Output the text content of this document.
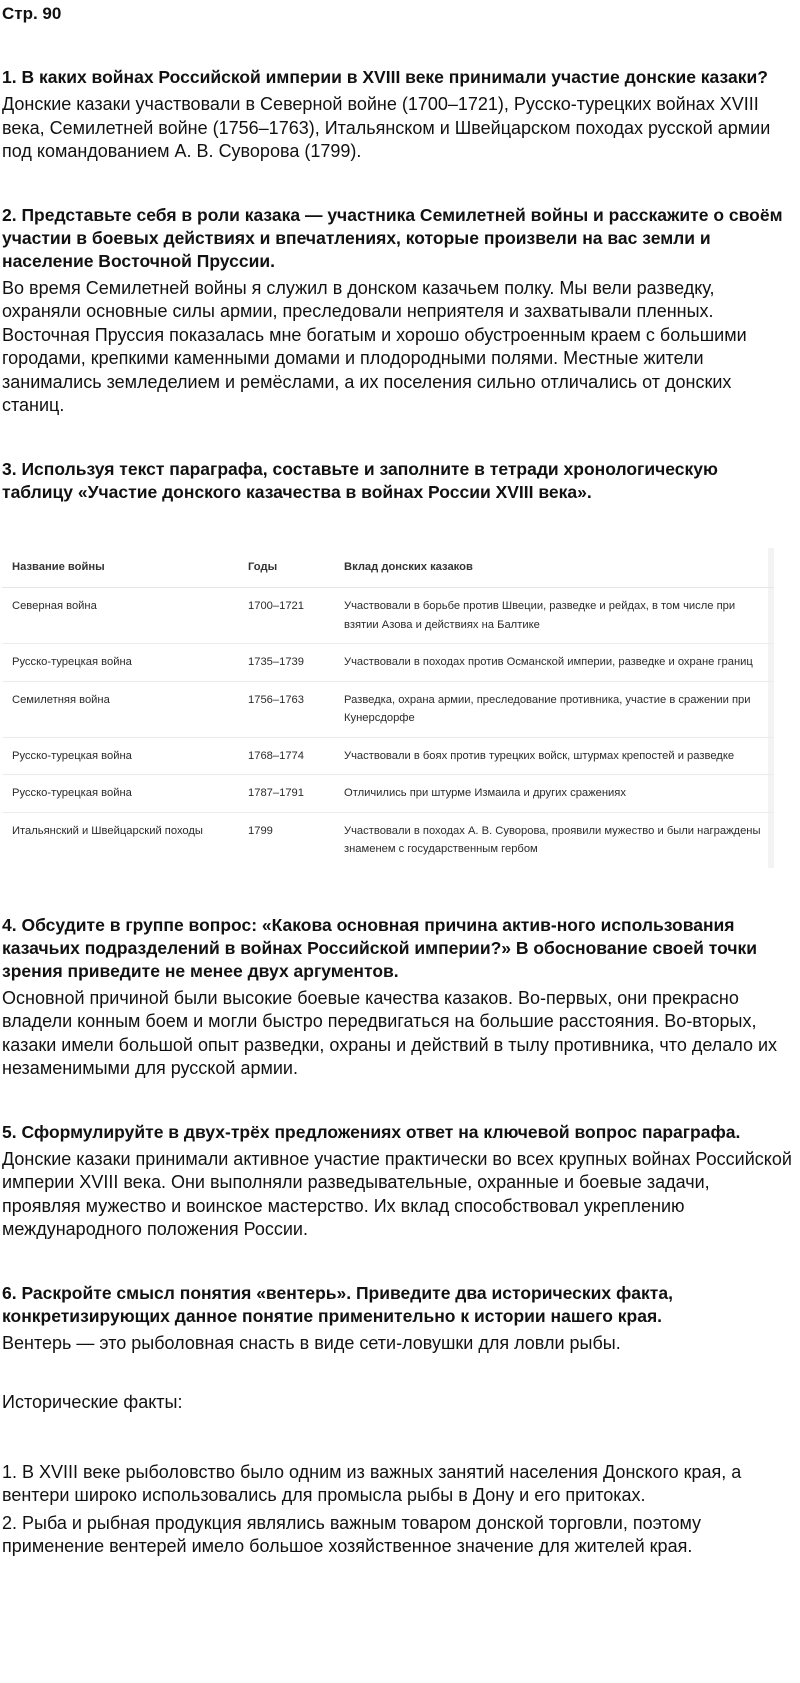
Стр. 90

1. В каких войнах Российской империи в XVIII веке принимали участие донские казаки?

Донские казаки участвовали в Северной войне (1700–1721), Русско-турецких войнах XVIII века, Семилетней войне (1756–1763), Итальянском и Швейцарском походах русской армии под командованием А. В. Суворова (1799).

2. Представьте себя в роли казака — участника Семилетней войны и расскажите о своём участии в боевых действиях и впечатлениях, которые произвели на вас земли и население Восточной Пруссии.

Во время Семилетней войны я служил в донском казачьем полку. Мы вели разведку, охраняли основные силы армии, преследовали неприятеля и захватывали пленных. Восточная Пруссия показалась мне богатым и хорошо обустроенным краем с большими городами, крепкими каменными домами и плодородными полями. Местные жители занимались земледелием и ремёслами, а их поселения сильно отличались от донских станиц.

3. Используя текст параграфа, составьте и заполните в тетради хронологическую таблицу «Участие донского казачества в войнах России XVIII века».

Название войны	Годы	Вклад донских казаков
Северная война	1700–1721	Участвовали в борьбе против Швеции, разведке и рейдах, в том числе при взятии Азова и действиях на Балтике
Русско-турецкая война	1735–1739	Участвовали в походах против Османской империи, разведке и охране границ
Семилетняя война	1756–1763	Разведка, охрана армии, преследование противника, участие в сражении при Кунерсдорфе
Русско-турецкая война	1768–1774	Участвовали в боях против турецких войск, штурмах крепостей и разведке
Русско-турецкая война	1787–1791	Отличились при штурме Измаила и других сражениях
Итальянский и Швейцарский походы	1799	Участвовали в походах А. В. Суворова, проявили мужество и были награждены знаменем с государственным гербом

4. Обсудите в группе вопрос: «Какова основная причина актив-ного использования казачьих подразделений в войнах Российской империи?» В обоснование своей точки зрения приведите не менее двух аргументов.

Основной причиной были высокие боевые качества казаков. Во-первых, они прекрасно владели конным боем и могли быстро передвигаться на большие расстояния. Во-вторых, казаки имели большой опыт разведки, охраны и действий в тылу противника, что делало их незаменимыми для русской армии.

5. Сформулируйте в двух-трёх предложениях ответ на ключевой вопрос параграфа.

Донские казаки принимали активное участие практически во всех крупных войнах Российской империи XVIII века. Они выполняли разведывательные, охранные и боевые задачи, проявляя мужество и воинское мастерство. Их вклад способствовал укреплению международного положения России.

6. Раскройте смысл понятия «вентерь». Приведите два исторических факта, конкретизирующих данное понятие применительно к истории нашего края.

Вентерь — это рыболовная снасть в виде сети-ловушки для ловли рыбы.

Исторические факты:

1. В XVIII веке рыболовство было одним из важных занятий населения Донского края, а вентери широко использовались для промысла рыбы в Дону и его притоках.

2. Рыба и рыбная продукция являлись важным товаром донской торговли, поэтому применение вентерей имело большое хозяйственное значение для жителей края.
